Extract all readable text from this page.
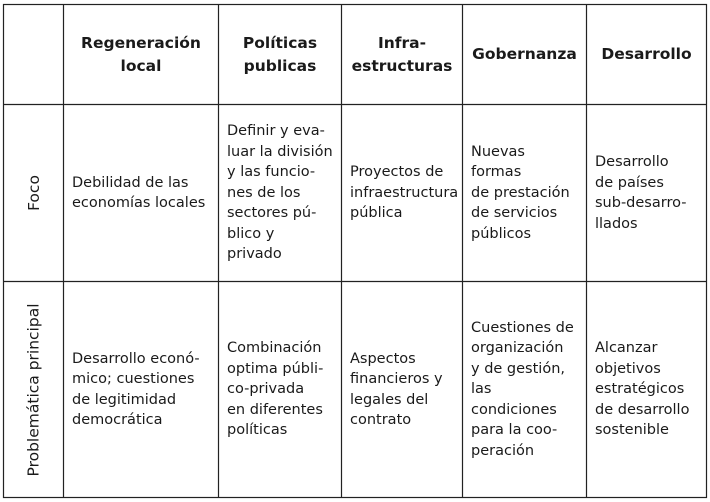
Regeneración
local
Políticas
publicas
Infra-
estructuras
Gobernanza Desarrollo
Foco Debilidad de las
economías locales
Definir y eva-
luar la división
y las funcio-
nes de los
sectores pú-
blico y privado
Proyectos de
infraestructura
pública
Nuevas formas
de prestación
de servicios
públicos
Desarrollo
de países
sub-desarro-
llados
Problemática principal Desarrollo econó-
mico; cuestiones
de legitimidad
democrática
Combinación
optima públi-
co-privada
en diferentes
políticas
Aspectos
financieros y
legales del
contrato
Cuestiones de
organización
y de gestión,
las condiciones
para la coo-
peración
Alcanzar
objetivos
estratégicos
de desarrollo
sostenible
